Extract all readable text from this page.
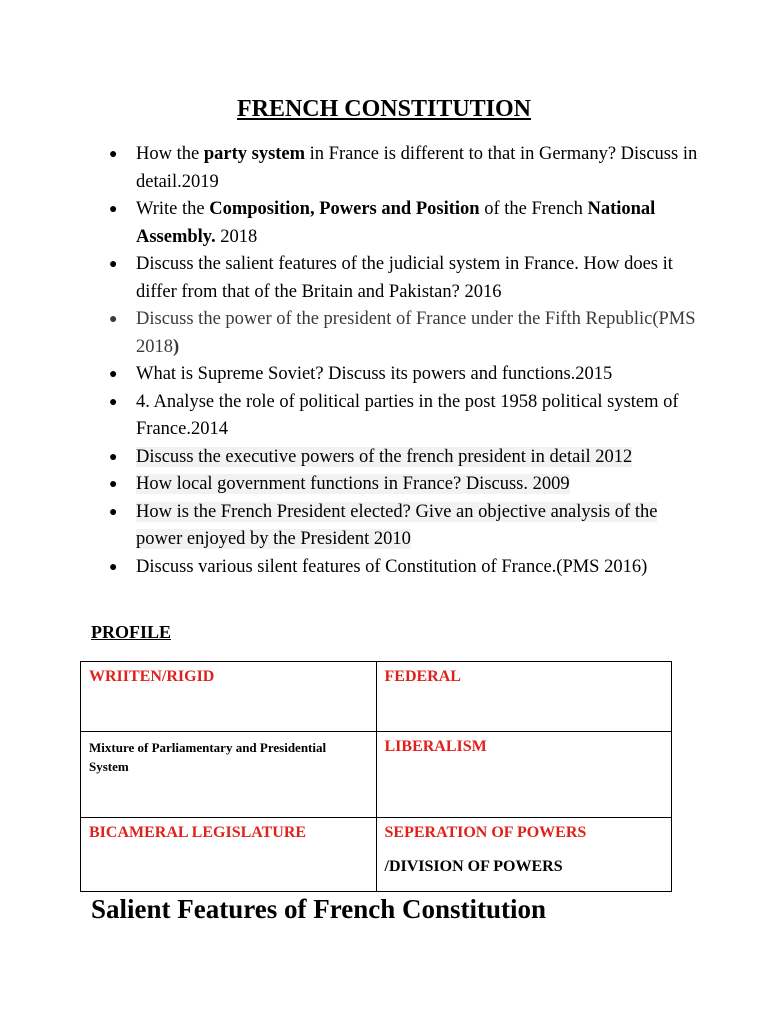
FRENCH CONSTITUTION
● How the party system in France is different to that in Germany? Discuss in detail.2019
● Write the Composition, Powers and Position of the French National Assembly. 2018
● Discuss the salient features of the judicial system in France. How does it differ from that of the Britain and Pakistan? 2016
● Discuss the power of the president of France under the Fifth Republic(PMS 2018)
● What is Supreme Soviet? Discuss its powers and functions.2015
● 4. Analyse the role of political parties in the post 1958 political system of France.2014
● Discuss the executive powers of the french president in detail 2012
● How local government functions in France? Discuss. 2009
● How is the French President elected? Give an objective analysis of the power enjoyed by the President 2010
● Discuss various silent features of Constitution of France.(PMS 2016)
PROFILE
WRIITEN/RIGID	FEDERAL
Mixture of Parliamentary and Presidential System	LIBERALISM
BICAMERAL LEGISLATURE	SEPERATION OF POWERS
/DIVISION OF POWERS
Salient Features of French Constitution
